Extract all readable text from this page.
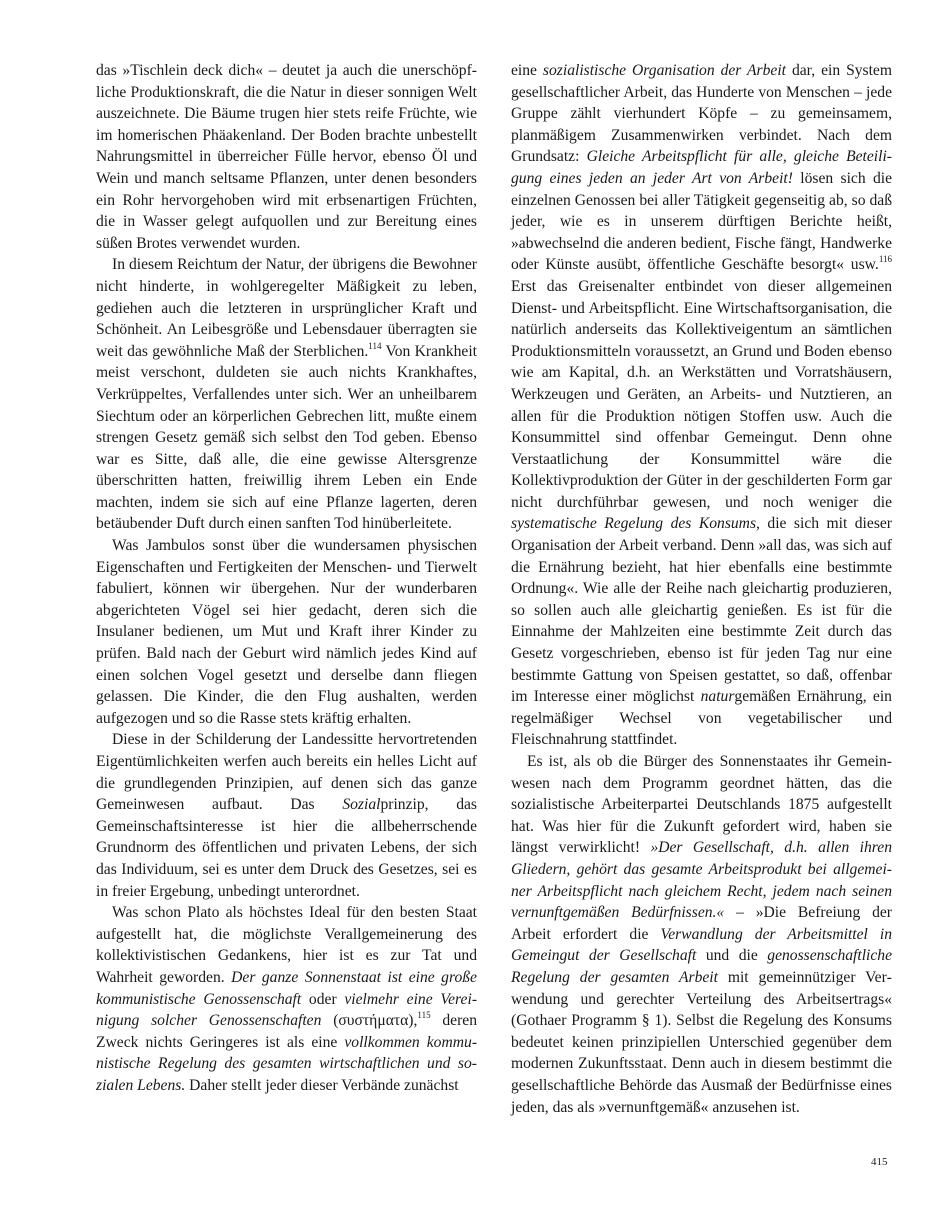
das »Tischlein deck dich« – deutet ja auch die unerschöpfliche Produktionskraft, die die Natur in dieser sonnigen Welt auszeichnete. Die Bäume trugen hier stets reife Früchte, wie im homerischen Phäakenland. Der Boden brachte unbestellt Nahrungsmittel in überreicher Fülle hervor, ebenso Öl und Wein und manch seltsame Pflanzen, unter denen besonders ein Rohr hervorgehoben wird mit erbsenartigen Früchten, die in Wasser gelegt aufquollen und zur Bereitung eines süßen Brotes verwendet wurden.

In diesem Reichtum der Natur, der übrigens die Bewohner nicht hinderte, in wohlgeregelter Mäßigkeit zu leben, gediehen auch die letzteren in ursprünglicher Kraft und Schönheit. An Leibesgröße und Lebensdauer überragten sie weit das gewöhnliche Maß der Sterblichen.$^{114}$ Von Krankheit meist verschont, duldeten sie auch nichts Krankhaftes, Verkrüppeltes, Verfallendes unter sich. Wer an unheilbarem Siechtum oder an körperlichen Gebrechen litt, mußte einem strengen Gesetz gemäß sich selbst den Tod geben. Ebenso war es Sitte, daß alle, die eine gewisse Altersgrenze überschritten hatten, freiwillig ihrem Leben ein Ende machten, indem sie sich auf eine Pflanze lagerten, deren betäubender Duft durch einen sanften Tod hinüberleitete.

Was Jambulos sonst über die wundersamen physischen Eigenschaften und Fertigkeiten der Menschen- und Tierwelt fabuliert, können wir übergehen. Nur der wunderbaren abgerichteten Vögel sei hier gedacht, deren sich die Insulaner bedienen, um Mut und Kraft ihrer Kinder zu prüfen. Bald nach der Geburt wird nämlich jedes Kind auf einen solchen Vogel gesetzt und derselbe dann fliegen gelassen. Die Kinder, die den Flug aushalten, werden aufgezogen und so die Rasse stets kräftig erhalten.

Diese in der Schilderung der Landessitte hervortretenden Eigentümlichkeiten werfen auch bereits ein helles Licht auf die grundlegenden Prinzipien, auf denen sich das ganze Gemeinwesen aufbaut. Das Sozialprinzip, das Gemeinschaftsinteresse ist hier die allbeherrschende Grundnorm des öffentlichen und privaten Lebens, der sich das Individuum, sei es unter dem Druck des Gesetzes, sei es in freier Ergebung, unbedingt unterordnet.

Was schon Plato als höchstes Ideal für den besten Staat aufgestellt hat, die möglichste Verallgemeinerung des kollektivistischen Gedankens, hier ist es zur Tat und Wahrheit geworden. Der ganze Sonnenstaat ist eine große kommunistische Genossenschaft oder vielmehr eine Vereinigung solcher Genossenschaften (συστήματα),$^{115}$ deren Zweck nichts Geringeres ist als eine vollkommen kommunistische Regelung des gesamten wirtschaftlichen und sozialen Lebens. Daher stellt jeder dieser Verbände zunächst

eine sozialistische Organisation der Arbeit dar, ein System gesellschaftlicher Arbeit, das Hunderte von Menschen – jede Gruppe zählt vierhundert Köpfe – zu gemeinsamem, planmäßigem Zusammenwirken verbindet. Nach dem Grundsatz: Gleiche Arbeitspflicht für alle, gleiche Beteiligung eines jeden an jeder Art von Arbeit! lösen sich die einzelnen Genossen bei aller Tätigkeit gegenseitig ab, so daß jeder, wie es in unserem dürftigen Berichte heißt, »abwechselnd die anderen bedient, Fische fängt, Handwerke oder Künste ausübt, öffentliche Geschäfte besorgt« usw.$^{116}$ Erst das Greisenalter entbindet von dieser allgemeinen Dienst- und Arbeitspflicht. Eine Wirtschaftsorganisation, die natürlich anderseits das Kollektiveigentum an sämtlichen Produktionsmitteln voraussetzt, an Grund und Boden ebenso wie am Kapital, d.h. an Werkstätten und Vorratshäusern, Werkzeugen und Geräten, an Arbeits- und Nutztieren, an allen für die Produktion nötigen Stoffen usw. Auch die Konsummittel sind offenbar Gemeingut. Denn ohne Verstaatlichung der Konsummittel wäre die Kollektivproduktion der Güter in der geschilderten Form gar nicht durchführbar gewesen, und noch weniger die systematische Regelung des Konsums, die sich mit dieser Organisation der Arbeit verband. Denn »all das, was sich auf die Ernährung bezieht, hat hier ebenfalls eine bestimmte Ordnung«. Wie alle der Reihe nach gleichartig produzieren, so sollen auch alle gleichartig genießen. Es ist für die Einnahme der Mahlzeiten eine bestimmte Zeit durch das Gesetz vorgeschrieben, ebenso ist für jeden Tag nur eine bestimmte Gattung von Speisen gestattet, so daß, offenbar im Interesse einer möglichst naturgemäßen Ernährung, ein regelmäßiger Wechsel von vegetabilischer und Fleischnahrung stattfindet.

Es ist, als ob die Bürger des Sonnenstaates ihr Gemeinwesen nach dem Programm geordnet hätten, das die sozialistische Arbeiterpartei Deutschlands 1875 aufgestellt hat. Was hier für die Zukunft gefordert wird, haben sie längst verwirklicht! »Der Gesellschaft, d.h. allen ihren Gliedern, gehört das gesamte Arbeitsprodukt bei allgemeiner Arbeitspflicht nach gleichem Recht, jedem nach seinen vernunftgemäßen Bedürfnissen.« – »Die Befreiung der Arbeit erfordert die Verwandlung der Arbeitsmittel in Gemeingut der Gesellschaft und die genossenschaftliche Regelung der gesamten Arbeit mit gemeinnütziger Verwendung und gerechter Verteilung des Arbeitsertrags« (Gothaer Programm § 1). Selbst die Regelung des Konsums bedeutet keinen prinzipiellen Unterschied gegenüber dem modernen Zukunftsstaat. Denn auch in diesem bestimmt die gesellschaftliche Behörde das Ausmaß der Bedürfnisse eines jeden, das als »vernunftgemäß« anzusehen ist.

415
